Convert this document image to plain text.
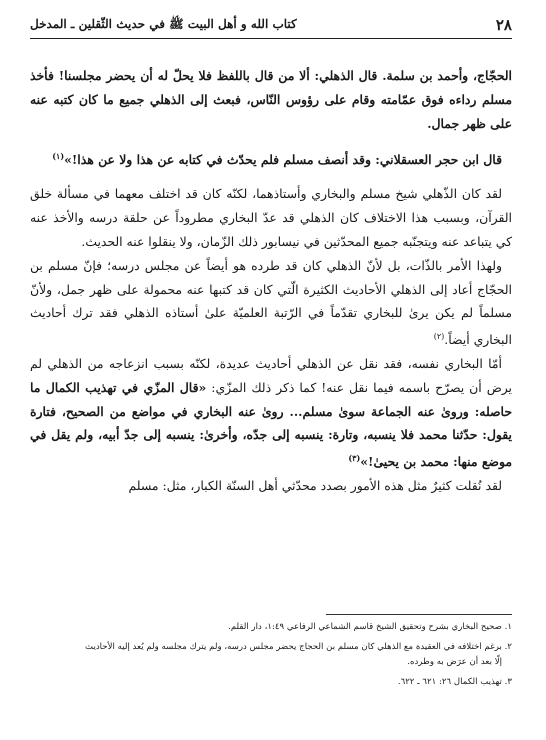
٢٨
كتاب الله و أهل البيت ﷺ في حديث الثّقلين ـ المدخل

الحجّاج، وأحمد بن سلمة. قال الذهلي: ألا من قال باللفظ فلا يحلّ له أن يحضر مجلسنا! فأخذ مسلم رداءه فوق عمّامته وقام على رؤوس النّاس، فبعث إلى الذهلي جميع ما كان كتبه عنه على ظهر جمال.

قال ابن حجر العسقلاني: وقد أنصف مسلم فلم يحدّث في كتابه عن هذا ولا عن هذا!»$^{(١)}$

لقد كان الذّهلي شيخ مسلم والبخاري وأستاذهما، لكنّه كان قد اختلف معهما في مسألة خلق القرآن، وبسبب هذا الاختلاف كان الذهلي قد عدّ البخاري مطروداً عن حلقة درسه والأخذ عنه كي يتباعد عنه ويتجنّبه جميع المحدّثين في نيسابور ذلك الزّمان، ولا ينقلوا عنه الحديث.

ولهذا الأمر بالذّات، بل لأنّ الذهلي كان قد طرده هو أيضاً عن مجلس درسه؛ فإنّ مسلم بن الحجّاج أعاد إلى الذهلي الأحاديث الكثيرة الّتي كان قد كتبها عنه محمولة على ظهر جمل، ولأنّ مسلماً لم يكن يرىٰ للبخاري تقدّماً في الرّتبة العلميّة علىٰ أستاذه الذهلي فقد ترك أحاديث البخاري أيضاً.$^{(٢)}$

أمّا البخاري نفسه، فقد نقل عن الذهلي أحاديث عديدة، لكنّه بسبب انزعاجه من الذهلي لم يرض أن يصرّح باسمه فيما نقل عنه! كما ذكر ذلك المزّي: «قال المزّي في تهذيب الكمال ما حاصله: وروىٰ عنه الجماعة سوىٰ مسلم... روىٰ عنه البخاري في مواضع من الصحيح، فتارة يقول: حدّثنا محمد فلا ينسبه، وتارة: ينسبه إلى جدّه، وأخرىٰ: ينسبه إلى جدّ أبيه، ولم يقل في موضع منها: محمد بن يحيىٰ!»$^{(٣)}$

لقد نُقلت كثيرٌ مثل هذه الأمور بصدد محدّثي أهل السنّة الكبار، مثل: مسلم

١. صحيح البخاري بشرح وتحقيق الشيخ قاسم الشماعي الرفاعي ١:٤٩، دار القلم.

٢. برغم اختلافه في العقيدة مع الذهلي كان مسلم بن الحجاج يحضر مجلس درسه، ولم يترك مجلسه ولم يُعد إليه الأحاديث
إلّا بعد أن عرَض به وطرده.

٣. تهذيب الكمال ٢٦: ٦٢١ ـ ٦٢٢.
